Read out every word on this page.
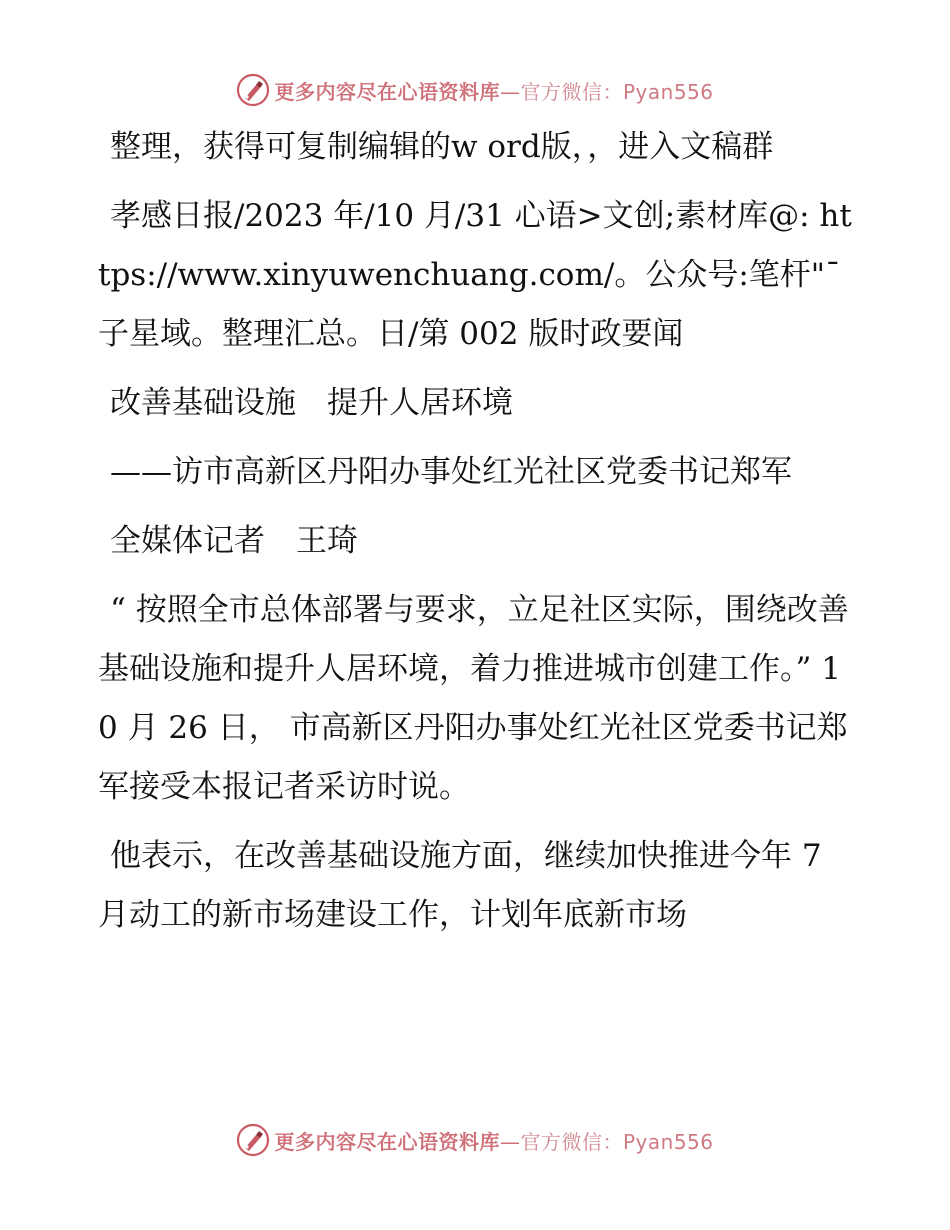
更多内容尽在心语资料库—官方微信：Pyan556

整理，获得可复制编辑的w ord版，，进入文稿群

孝感日报/2023 年/10 月/31 心语>文创;素材库@: https://www.xinyuwenchuang.com/。公众号:笔杆"¯子星域。整理汇总。日/第 002 版时政要闻

改善基础设施　提升人居环境

——访市高新区丹阳办事处红光社区党委书记郑军

全媒体记者　王琦

“ 按照全市总体部署与要求，立足社区实际，围绕改善基础设施和提升人居环境，着力推进城市创建工作。” 10 月 26 日， 市高新区丹阳办事处红光社区党委书记郑军接受本报记者采访时说。

他表示，在改善基础设施方面，继续加快推进今年 7 月动工的新市场建设工作，计划年底新市场

更多内容尽在心语资料库—官方微信：Pyan556
